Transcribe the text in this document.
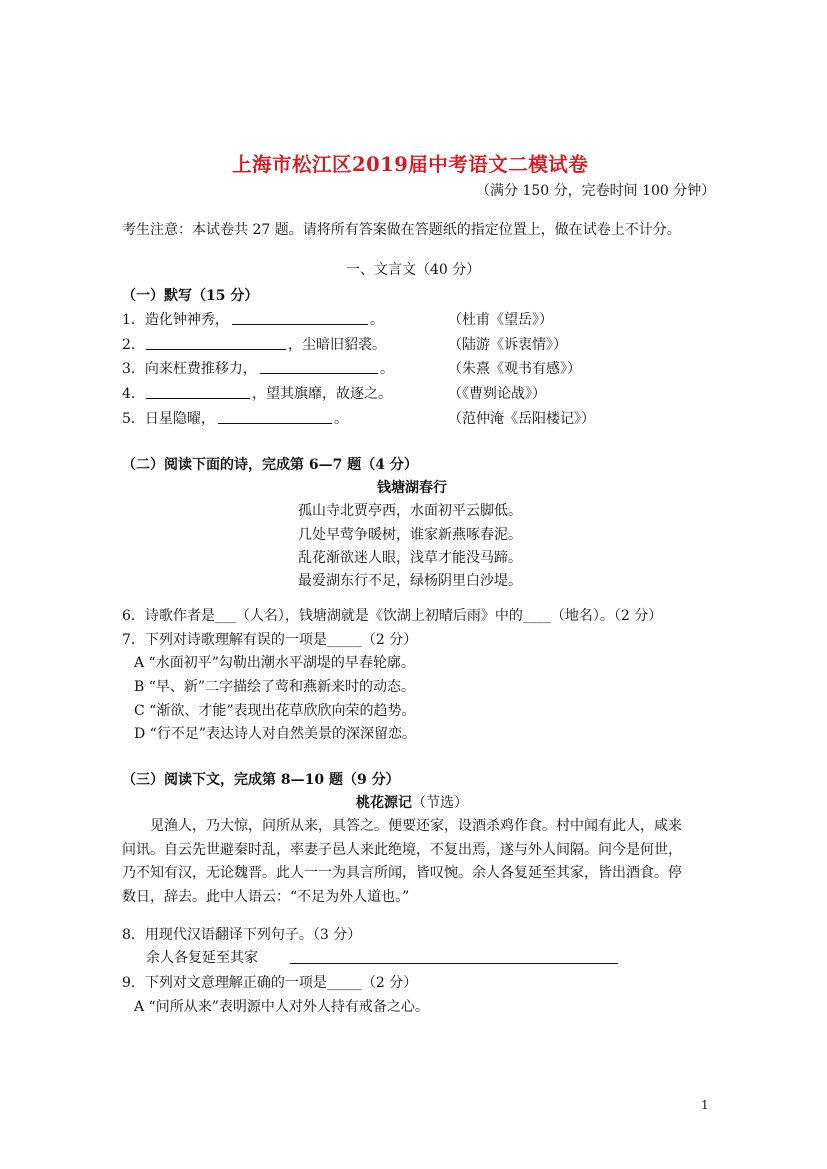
上海市松江区2019届中考语文二模试卷
（满分 150 分，完卷时间 100 分钟）
考生注意：本试卷共 27 题。请将所有答案做在答题纸的指定位置上，做在试卷上不计分。
一、文言文（40 分）
（一）默写（15 分）
1．造化钟神秀，	。	（杜甫《望岳》）
2．	，尘暗旧貂裘。	（陆游《诉衷情》）
3．向来枉费推移力，	。	（朱熹《观书有感》）
4．	，望其旗靡，故逐之。	（《曹刿论战》）
5．日星隐曜，	。	（范仲淹《岳阳楼记》）
（二）阅读下面的诗，完成第 6—7 题（4 分）
钱塘湖春行
孤山寺北贾亭西，水面初平云脚低。
几处早莺争暖树，谁家新燕啄春泥。
乱花渐欲迷人眼，浅草才能没马蹄。
最爱湖东行不足，绿杨阴里白沙堤。
6．诗歌作者是___（人名），钱塘湖就是《饮湖上初晴后雨》中的____（地名）。（2 分）
7．下列对诗歌理解有误的一项是_____（2 分）
A “水面初平”勾勒出潮水平湖堤的早春轮廓。
B “早、新”二字描绘了莺和燕新来时的动态。
C “渐欲、才能”表现出花草欣欣向荣的趋势。
D “行不足”表达诗人对自然美景的深深留恋。
（三）阅读下文，完成第 8—10 题（9 分）
桃花源记（节选）
见渔人，乃大惊，问所从来，具答之。便要还家，设酒杀鸡作食。村中闻有此人，咸来
问讯。自云先世避秦时乱，率妻子邑人来此绝境，不复出焉，遂与外人间隔。问今是何世，
乃不知有汉，无论魏晋。此人一一为具言所闻，皆叹惋。余人各复延至其家，皆出酒食。停
数日，辞去。此中人语云：“不足为外人道也。”
8．用现代汉语翻译下列句子。（3 分）
余人各复延至其家
9．下列对文意理解正确的一项是_____（2 分）
A “问所从来”表明源中人对外人持有戒备之心。
1
